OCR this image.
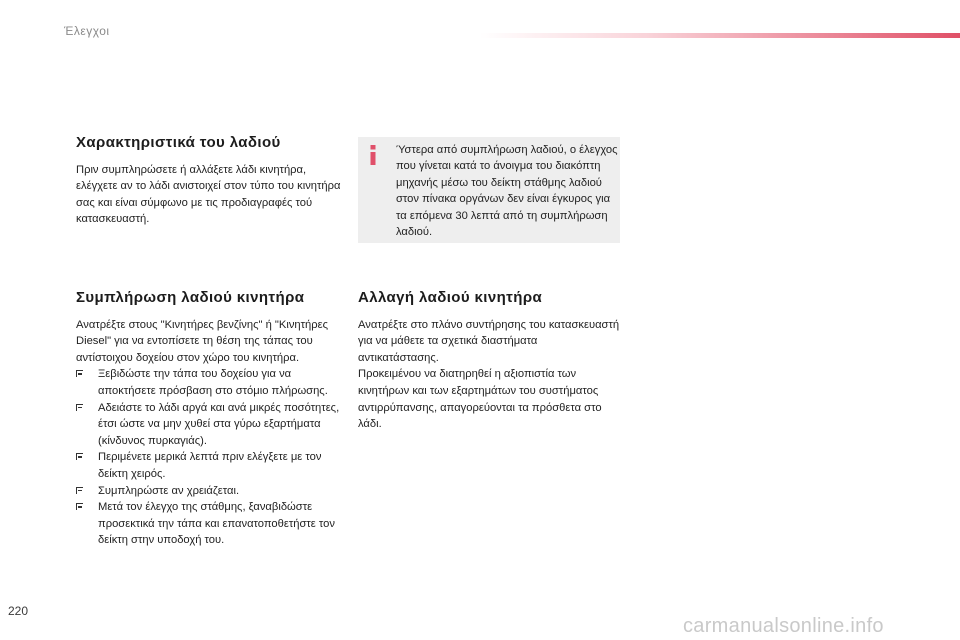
Έλεγχοι
Χαρακτηριστικά του λαδιού

Πριν συμπληρώσετε ή αλλάξετε λάδι κινητήρα, ελέγχετε αν το λάδι ανιστοιχεί στον τύπο του κινητήρα σας και είναι σύμφωνο με τις προδιαγραφές τού κατασκευαστή.

Ύστερα από συμπλήρωση λαδιού, ο έλεγχος που γίνεται κατά το άνοιγμα του διακόπτη μηχανής μέσω του δείκτη στάθμης λαδιού στον πίνακα οργάνων δεν είναι έγκυρος για τα επόμενα 30 λεπτά από τη συμπλήρωση λαδιού.

Συμπλήρωση λαδιού κινητήρα

Ανατρέξτε στους "Κινητήρες βενζίνης" ή "Κινητήρες Diesel" για να εντοπίσετε τη θέση της τάπας του αντίστοιχου δοχείου στον χώρο του κινητήρα.

Ξεβιδώστε την τάπα του δοχείου για να αποκτήσετε πρόσβαση στο στόμιο πλήρωσης.
Αδειάστε το λάδι αργά και ανά μικρές ποσότητες, έτσι ώστε να μην χυθεί στα γύρω εξαρτήματα (κίνδυνος πυρκαγιάς).
Περιμένετε μερικά λεπτά πριν ελέγξετε με τον δείκτη χειρός.
Συμπληρώστε αν χρειάζεται.
Μετά τον έλεγχο της στάθμης, ξαναβιδώστε προσεκτικά την τάπα και επανατοποθετήστε τον δείκτη στην υποδοχή του.
Αλλαγή λαδιού κινητήρα

Ανατρέξτε στο πλάνο συντήρησης του κατασκευαστή για να μάθετε τα σχετικά διαστήματα αντικατάστασης.

Προκειμένου να διατηρηθεί η αξιοπιστία των κινητήρων και των εξαρτημάτων του συστήματος αντιρρύπανσης, απαγορεύονται τα πρόσθετα στο λάδι.

220
carmanualsonline.info
